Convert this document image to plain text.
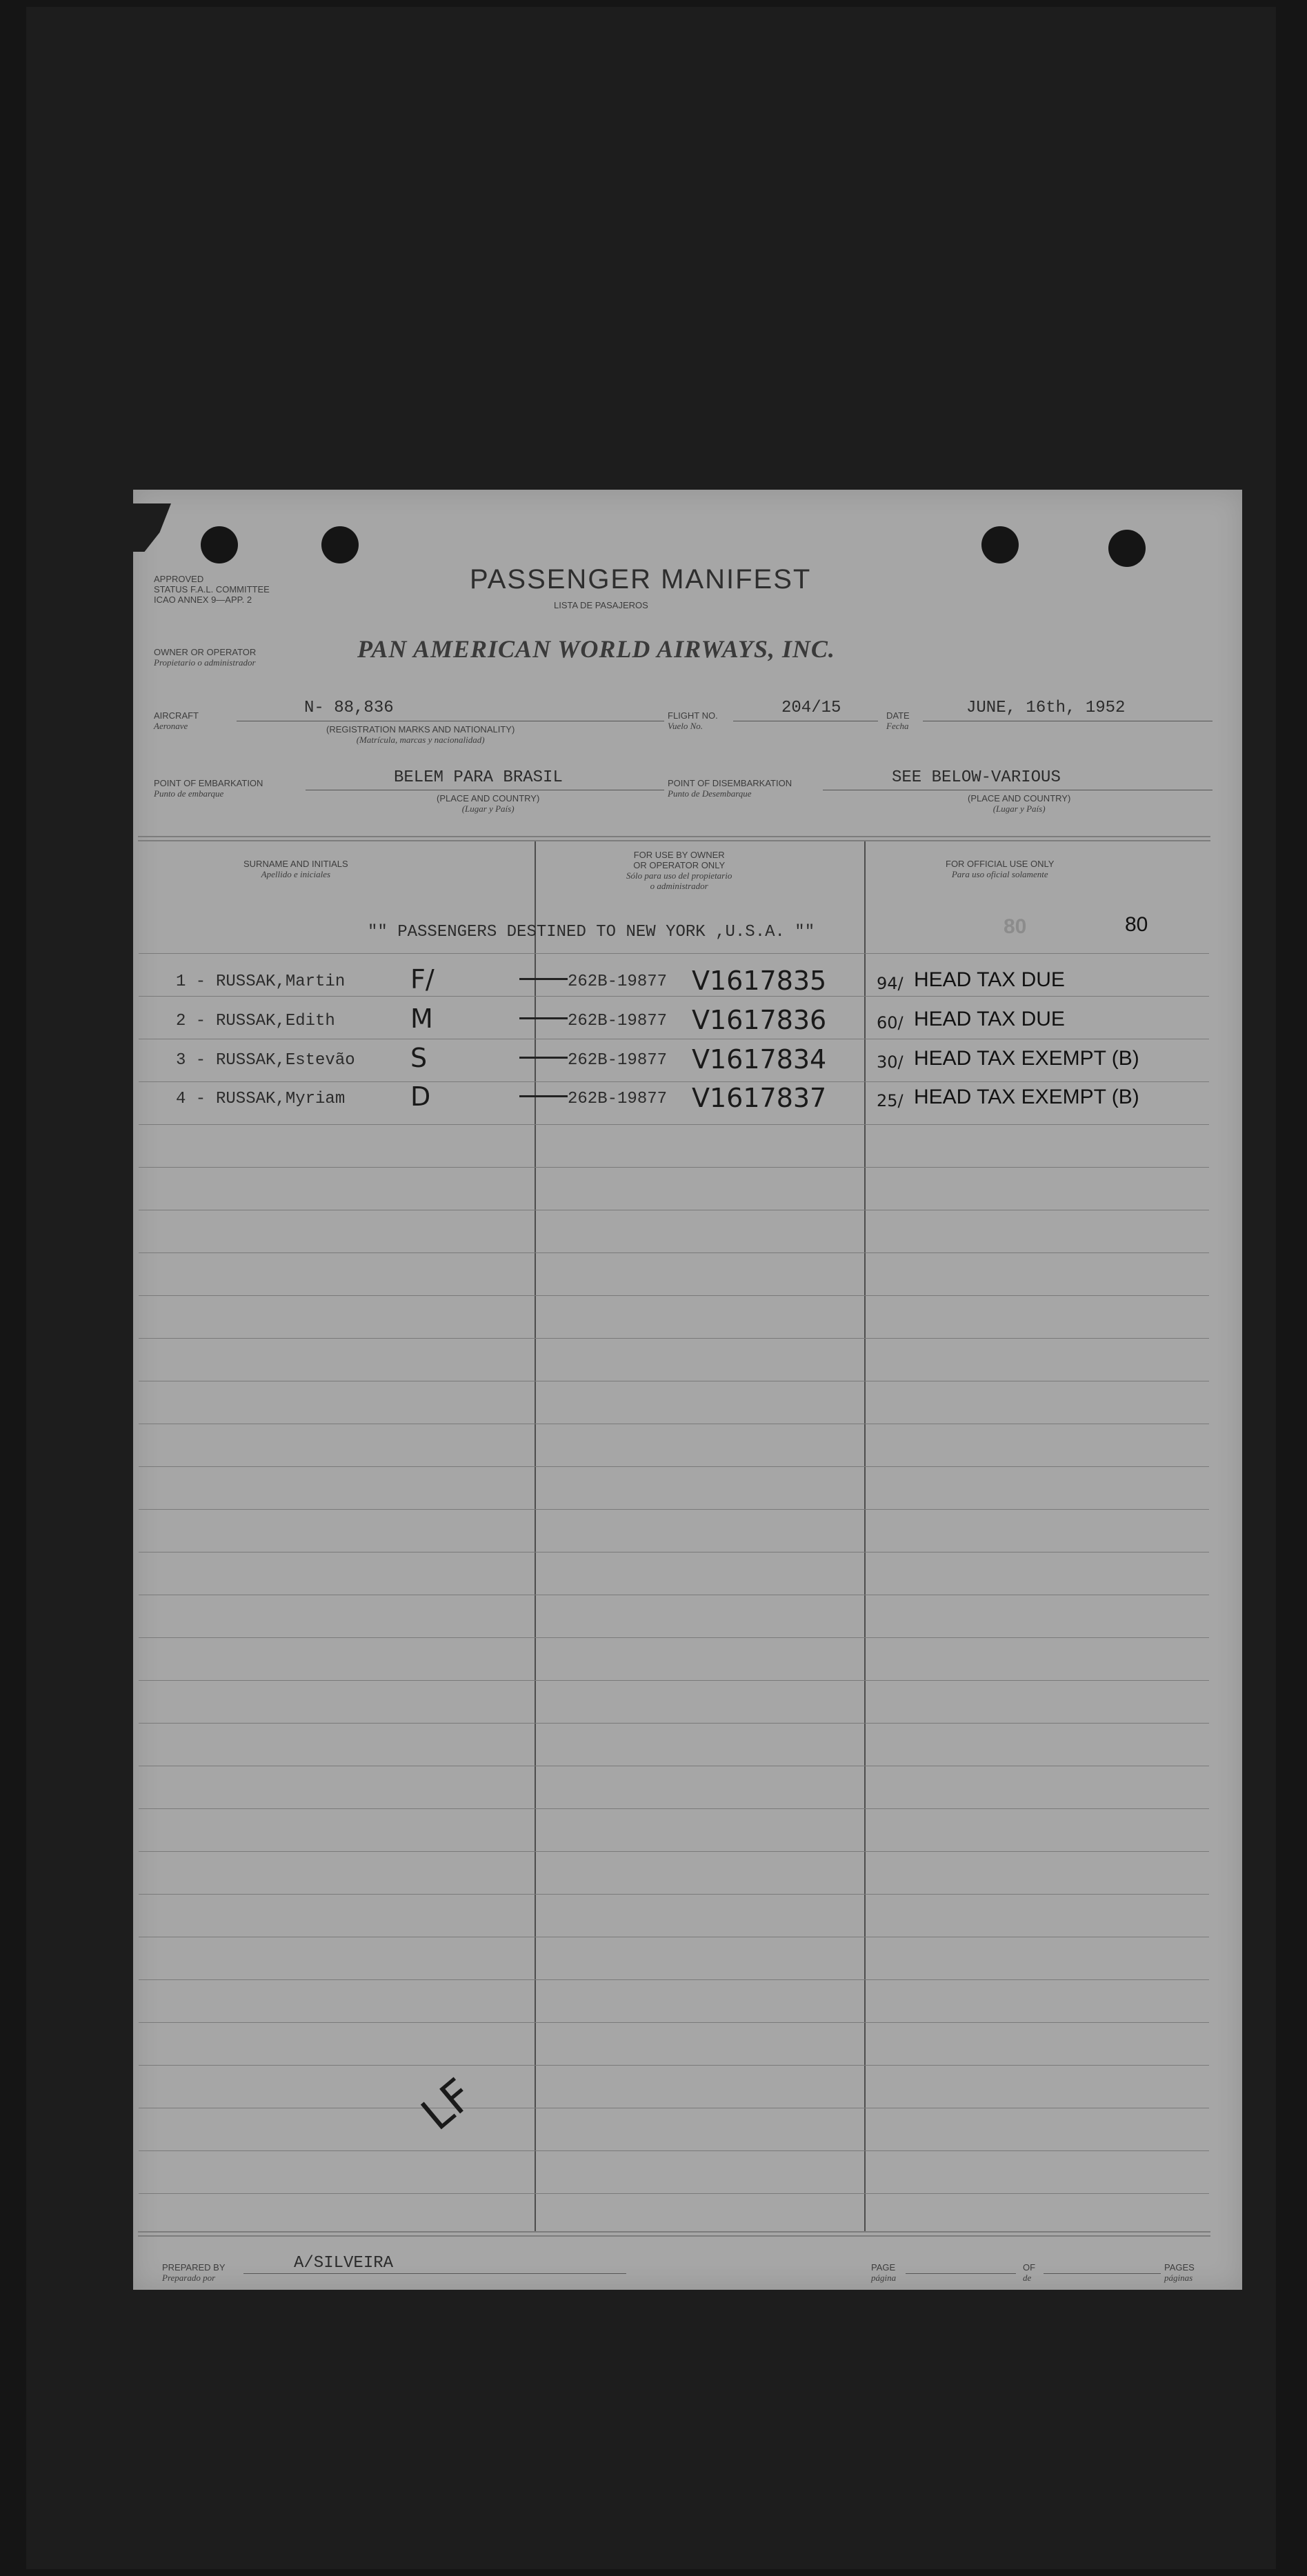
APPROVED
STATUS F.A.L. COMMITTEE
ICAO ANNEX 9—APP. 2
PASSENGER MANIFEST
LISTA DE PASAJEROS
OWNER OR OPERATOR
Propietario o administrador	PAN AMERICAN WORLD AIRWAYS, INC.
AIRCRAFT
Aeronave
N- 88,836
(REGISTRATION MARKS AND NATIONALITY)
(Matrícula, marcas y nacionalidad)
FLIGHT NO.
Vuelo No.
204/15	DATE
Fecha
JUNE, 16th, 1952
POINT OF EMBARKATION
Punto de embarque
BELEM PARA BRASIL
(PLACE AND COUNTRY)
(Lugar y País)
POINT OF DISEMBARKATION
Punto de Desembarque
SEE BELOW-VARIOUS
(PLACE AND COUNTRY)
(Lugar y País)
SURNAME AND INITIALS
Apellido e iniciales
FOR USE BY OWNER
OR OPERATOR ONLY
Sólo para uso del propietario
o administrador
FOR OFFICIAL USE ONLY
Para uso oficial solamente
"" PASSENGERS DESTINED TO NEW YORK ,U.S.A. ""	80	80
1 - RUSSAK,Martin F/	262B-19877 V1617835	94/ HEAD TAX DUE
2 - RUSSAK,Edith	M	262B-19877 V1617836	60/ HEAD TAX DUE
3 - RUSSAK,Estevão S	262B-19877 V1617834	30/ HEAD TAX EXEMPT (B)
4 - RUSSAK,Myriam D	262B-19877 V1617837	25/ HEAD TAX EXEMPT (B)
LF
PREPARED BY
Preparado por
A/SILVEIRA	PAGE
página
OF
de
PAGES
páginas
